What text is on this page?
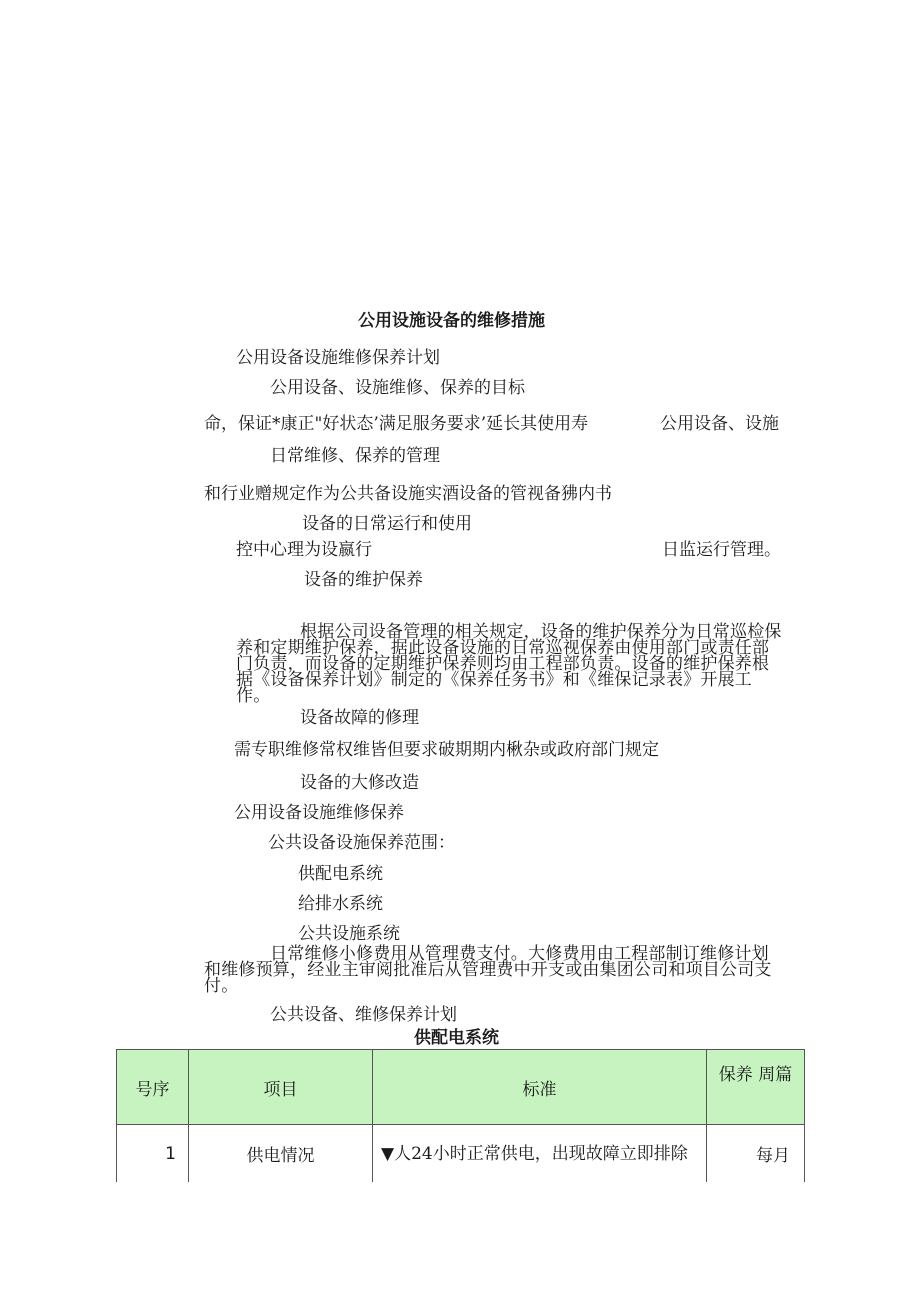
公用设施设备的维修措施
公用设备设施维修保养计划
公用设备、设施维修、保养的目标
命，保证*康正"好状态’满足服务要求’延长其使用寿	公用设备、设施
日常维修、保养的管理
和行业赠规定作为公共备设施实酒设备的管视备狒内书
设备的日常运行和使用
控中心理为设嬴行	日监运行管理。
设备的维护保养
根据公司设备管理的相关规定，设备的维护保养分为日常巡检保养和定期维护保养，据此设备设施的日常巡视保养由使用部门或责任部门负责，而设备的定期维护保养则均由工程部负责。设备的维护保养根据《设备保养计划》制定的《保养任务书》和《维保记录表》开展工作。
设备故障的修理
需专职维修常权维皆但要求破期期内楸杂或政府部门规定
设备的大修改造
公用设备设施维修保养
公共设备设施保养范围：
供配电系统
给排水系统
公共设施系统
日常维修小修费用从管理费支付。大修费用由工程部制订维修计划和维修预算，经业主审阅批准后从管理费中开支或由集团公司和项目公司支付。
公共设备、维修保养计划
供配电系统
号序	项目	标准	保养 周篇
1	供电情况	▼人24小时正常供电，出现故障立即排除	每月
